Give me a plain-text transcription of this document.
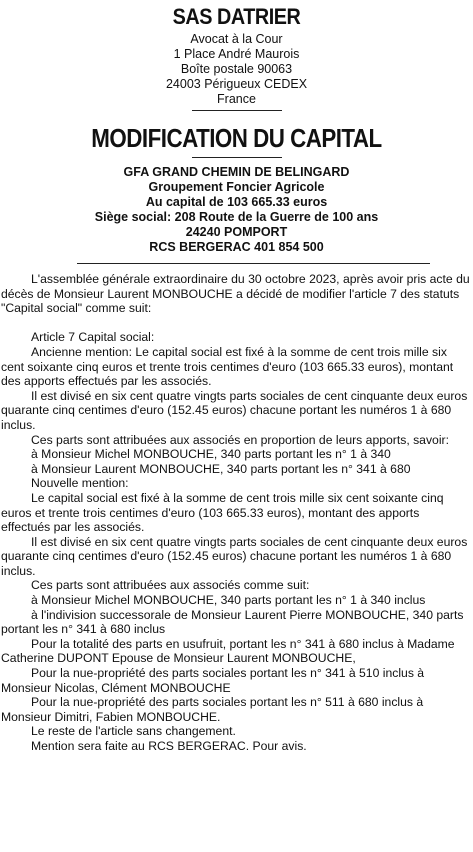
SAS DATRIER
Avocat à la Cour
1 Place André Maurois
Boîte postale 90063
24003 Périgueux CEDEX
France
MODIFICATION DU CAPITAL
GFA GRAND CHEMIN DE BELINGARD
Groupement Foncier Agricole
Au capital de 103 665.33 euros
Siège social: 208 Route de la Guerre de 100 ans
24240 POMPORT
RCS BERGERAC 401 854 500

L'assemblée générale extraordinaire du 30 octobre 2023, après avoir pris acte du décès de Monsieur Laurent MONBOUCHE a décidé de modifier l'article 7 des statuts "Capital social" comme suit:

Article 7 Capital social:

Ancienne mention: Le capital social est fixé à la somme de cent trois mille six cent soixante cinq euros et trente trois centimes d'euro (103 665.33 euros), montant des apports effectués par les associés.

Il est divisé en six cent quatre vingts parts sociales de cent cinquante deux euros quarante cinq centimes d'euro (152.45 euros) chacune portant les numéros 1 à 680 inclus.

Ces parts sont attribuées aux associés en proportion de leurs apports, savoir:

à Monsieur Michel MONBOUCHE, 340 parts portant les n° 1 à 340

à Monsieur Laurent MONBOUCHE, 340 parts portant les n° 341 à 680

Nouvelle mention:

Le capital social est fixé à la somme de cent trois mille six cent soixante cinq euros et trente trois centimes d'euro (103 665.33 euros), montant des apports effectués par les associés.

Il est divisé en six cent quatre vingts parts sociales de cent cinquante deux euros quarante cinq centimes d'euro (152.45 euros) chacune portant les numéros 1 à 680 inclus.

Ces parts sont attribuées aux associés comme suit:

à Monsieur Michel MONBOUCHE, 340 parts portant les n° 1 à 340 inclus

à l'indivision successorale de Monsieur Laurent Pierre MONBOUCHE, 340 parts portant les n° 341 à 680 inclus

Pour la totalité des parts en usufruit, portant les n° 341 à 680 inclus à Madame Catherine DUPONT Epouse de Monsieur Laurent MONBOUCHE,

Pour la nue-propriété des parts sociales portant les n° 341 à 510 inclus à Monsieur Nicolas, Clément MONBOUCHE

Pour la nue-propriété des parts sociales portant les n° 511 à 680 inclus à Monsieur Dimitri, Fabien MONBOUCHE.

Le reste de l'article sans changement.

Mention sera faite au RCS BERGERAC. Pour avis.
